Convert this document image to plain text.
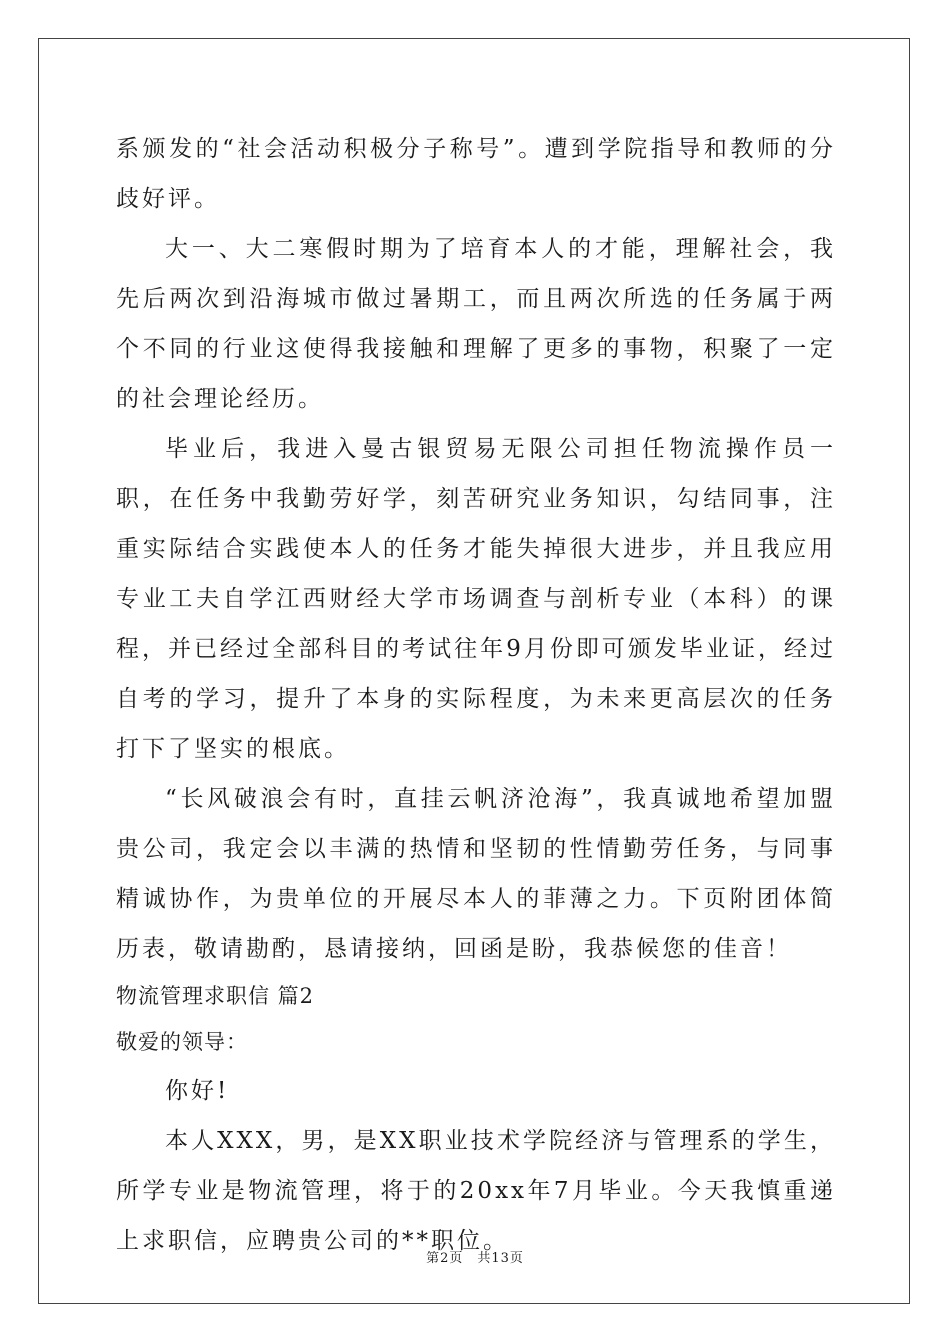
系颁发的“社会活动积极分子称号”。遭到学院指导和教师的分歧好评。

大一、大二寒假时期为了培育本人的才能，理解社会，我先后两次到沿海城市做过暑期工，而且两次所选的任务属于两个不同的行业这使得我接触和理解了更多的事物，积聚了一定的社会理论经历。

毕业后，我进入曼古银贸易无限公司担任物流操作员一职，在任务中我勤劳好学，刻苦研究业务知识，勾结同事，注重实际结合实践使本人的任务才能失掉很大进步，并且我应用专业工夫自学江西财经大学市场调查与剖析专业（本科）的课程，并已经过全部科目的考试往年9月份即可颁发毕业证，经过自考的学习，提升了本身的实际程度，为未来更高层次的任务打下了坚实的根底。

“长风破浪会有时，直挂云帆济沧海”，我真诚地希望加盟贵公司，我定会以丰满的热情和坚韧的性情勤劳任务，与同事精诚协作，为贵单位的开展尽本人的菲薄之力。下页附团体简历表，敬请勘酌，恳请接纳，回函是盼，我恭候您的佳音！

物流管理求职信 篇2

敬爱的领导：

你好!

本人XXX，男，是XX职业技术学院经济与管理系的学生，所学专业是物流管理，将于的20xx年7月毕业。今天我慎重递上求职信，应聘贵公司的**职位。

第2页　共13页
